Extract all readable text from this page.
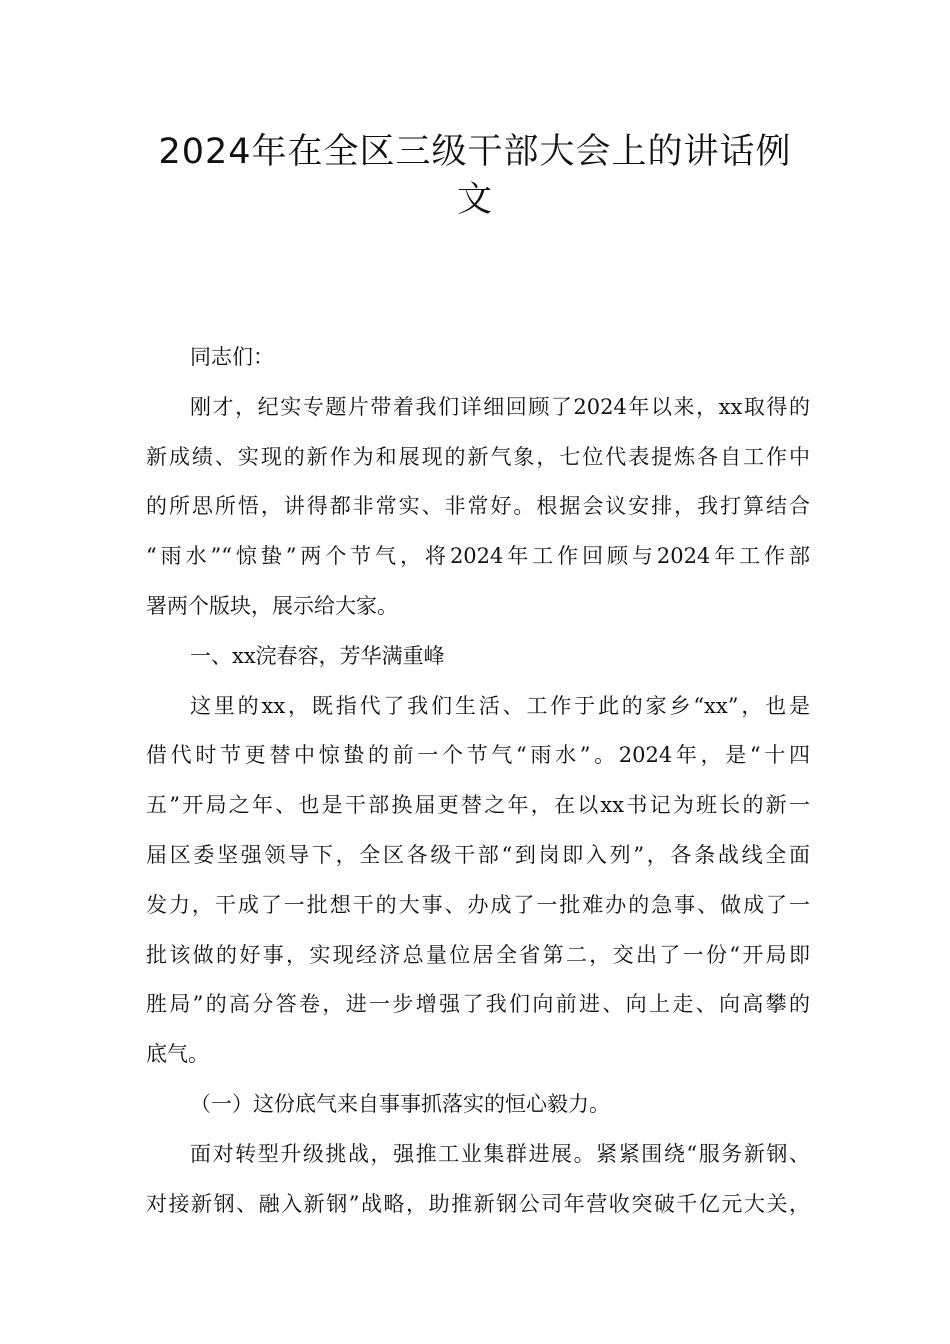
2024年在全区三级干部大会上的讲话例
文
同志们：
刚才，纪实专题片带着我们详细回顾了2024年以来，xx取得的
新成绩、实现的新作为和展现的新气象，七位代表提炼各自工作中
的所思所悟，讲得都非常实、非常好。根据会议安排，我打算结合
“雨水”“惊蛰”两个节气，将2024年工作回顾与2024年工作部
署两个版块，展示给大家。
一、xx浣春容，芳华满重峰
这里的xx，既指代了我们生活、工作于此的家乡“xx”，也是
借代时节更替中惊蛰的前一个节气“雨水”。2024年，是“十四
五”开局之年、也是干部换届更替之年，在以xx书记为班长的新一
届区委坚强领导下，全区各级干部“到岗即入列”，各条战线全面
发力，干成了一批想干的大事、办成了一批难办的急事、做成了一
批该做的好事，实现经济总量位居全省第二，交出了一份“开局即
胜局”的高分答卷，进一步增强了我们向前进、向上走、向高攀的
底气。
（一）这份底气来自事事抓落实的恒心毅力。
面对转型升级挑战，强推工业集群进展。紧紧围绕“服务新钢、
对接新钢、融入新钢”战略，助推新钢公司年营收突破千亿元大关，
